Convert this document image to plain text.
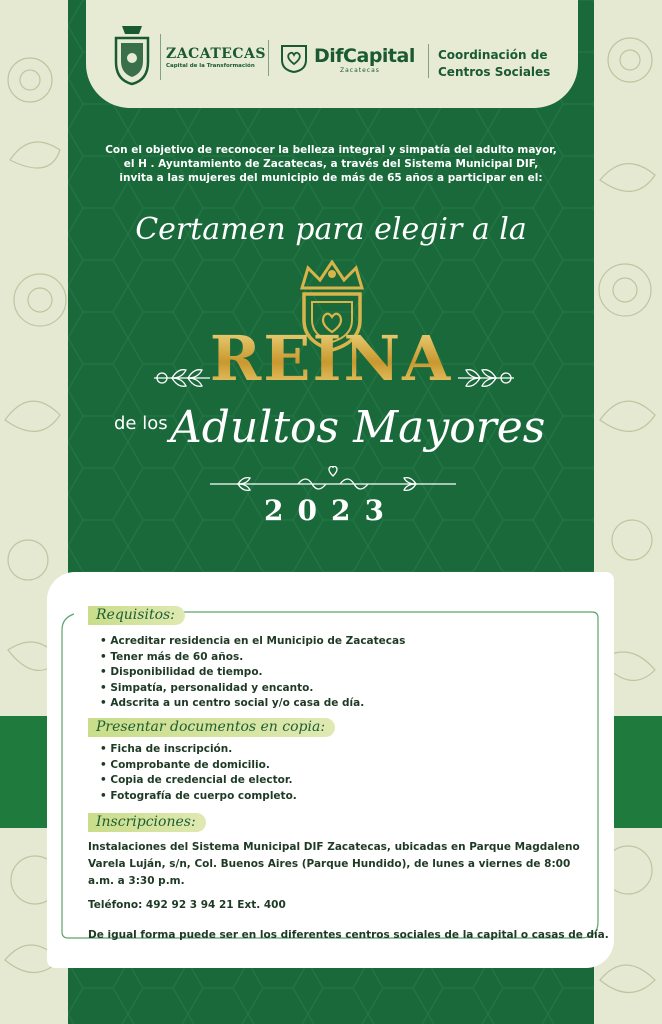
ZACATECAS
Capital de la Transformación	DifCapital
Zacatecas
Coordinación de
Centros Sociales
Con el objetivo de reconocer la belleza integral y simpatía del adulto mayor,
el H . Ayuntamiento de Zacatecas, a través del Sistema Municipal DIF,
invita a las mujeres del municipio de más de 65 años a participar en el:
Certamen para elegir a la
REINA
de los Adultos Mayores
2023
Requisitos:
• Acreditar residencia en el Municipio de Zacatecas
• Tener más de 60 años.
• Disponibilidad de tiempo.
• Simpatía, personalidad y encanto.
• Adscrita a un centro social y/o casa de día.
Presentar documentos en copia:
• Ficha de inscripción.
• Comprobante de domicilio.
• Copia de credencial de elector.
• Fotografía de cuerpo completo.
Inscripciones:
Instalaciones del Sistema Municipal DIF Zacatecas, ubicadas en Parque Magdaleno Varela Luján, s/n, Col. Buenos Aires (Parque Hundido), de lunes a viernes de 8:00 a.m. a 3:30 p.m.
Teléfono: 492 92 3 94 21 Ext. 400
De igual forma puede ser en los diferentes centros sociales de la capital o casas de día.
